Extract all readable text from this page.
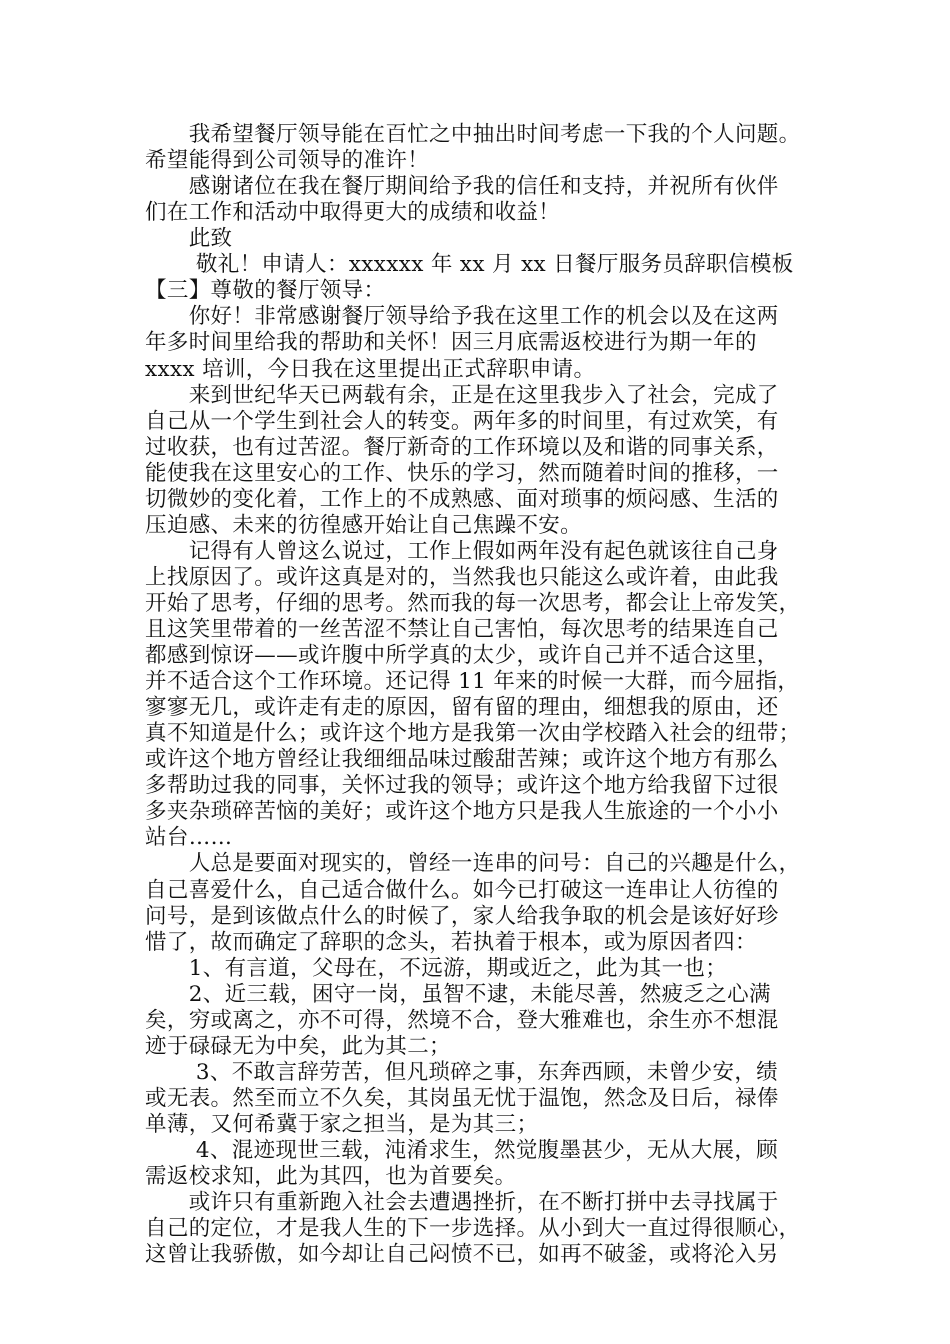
　　我希望餐厅领导能在百忙之中抽出时间考虑一下我的个人问题。
希望能得到公司领导的准许！
　　感谢诸位在我在餐厅期间给予我的信任和支持，并祝所有伙伴
们在工作和活动中取得更大的成绩和收益！
　　此致
　　 敬礼！申请人：xxxxxx 年 xx 月 xx 日餐厅服务员辞职信模板
【三】尊敬的餐厅领导：
　　你好！非常感谢餐厅领导给予我在这里工作的机会以及在这两
年多时间里给我的帮助和关怀！因三月底需返校进行为期一年的
xxxx 培训，今日我在这里提出正式辞职申请。
　　来到世纪华天已两载有余，正是在这里我步入了社会，完成了
自己从一个学生到社会人的转变。两年多的时间里，有过欢笑，有
过收获，也有过苦涩。餐厅新奇的工作环境以及和谐的同事关系，
能使我在这里安心的工作、快乐的学习，然而随着时间的推移，一
切微妙的变化着，工作上的不成熟感、面对琐事的烦闷感、生活的
压迫感、未来的彷徨感开始让自己焦躁不安。
　　记得有人曾这么说过，工作上假如两年没有起色就该往自己身
上找原因了。或许这真是对的，当然我也只能这么或许着，由此我
开始了思考，仔细的思考。然而我的每一次思考，都会让上帝发笑，
且这笑里带着的一丝苦涩不禁让自己害怕，每次思考的结果连自己
都感到惊讶——或许腹中所学真的太少，或许自己并不适合这里，
并不适合这个工作环境。还记得 11 年来的时候一大群，而今屈指，
寥寥无几，或许走有走的原因，留有留的理由，细想我的原由，还
真不知道是什么；或许这个地方是我第一次由学校踏入社会的纽带；
或许这个地方曾经让我细细品味过酸甜苦辣；或许这个地方有那么
多帮助过我的同事，关怀过我的领导；或许这个地方给我留下过很
多夹杂琐碎苦恼的美好；或许这个地方只是我人生旅途的一个小小
站台……
　　人总是要面对现实的，曾经一连串的问号：自己的兴趣是什么，
自己喜爱什么，自己适合做什么。如今已打破这一连串让人彷徨的
问号，是到该做点什么的时候了，家人给我争取的机会是该好好珍
惜了，故而确定了辞职的念头，若执着于根本，或为原因者四：
　　1、有言道，父母在，不远游，期或近之，此为其一也；
　　2、近三载，困守一岗，虽智不逮，未能尽善，然疲乏之心满
矣，穷或离之，亦不可得，然境不合，登大雅难也，余生亦不想混
迹于碌碌无为中矣，此为其二；
　　 3、不敢言辞劳苦，但凡琐碎之事，东奔西顾，未曾少安，绩
或无表。然至而立不久矣，其岗虽无忧于温饱，然念及日后，禄俸
单薄，又何希冀于家之担当，是为其三；
　　 4、混迹现世三载，沌淆求生，然觉腹墨甚少，无从大展，顾
需返校求知，此为其四，也为首要矣。
　　或许只有重新跑入社会去遭遇挫折，在不断打拼中去寻找属于
自己的定位，才是我人生的下一步选择。从小到大一直过得很顺心，
这曾让我骄傲，如今却让自己闷愤不已，如再不破釜，或将沦入另
